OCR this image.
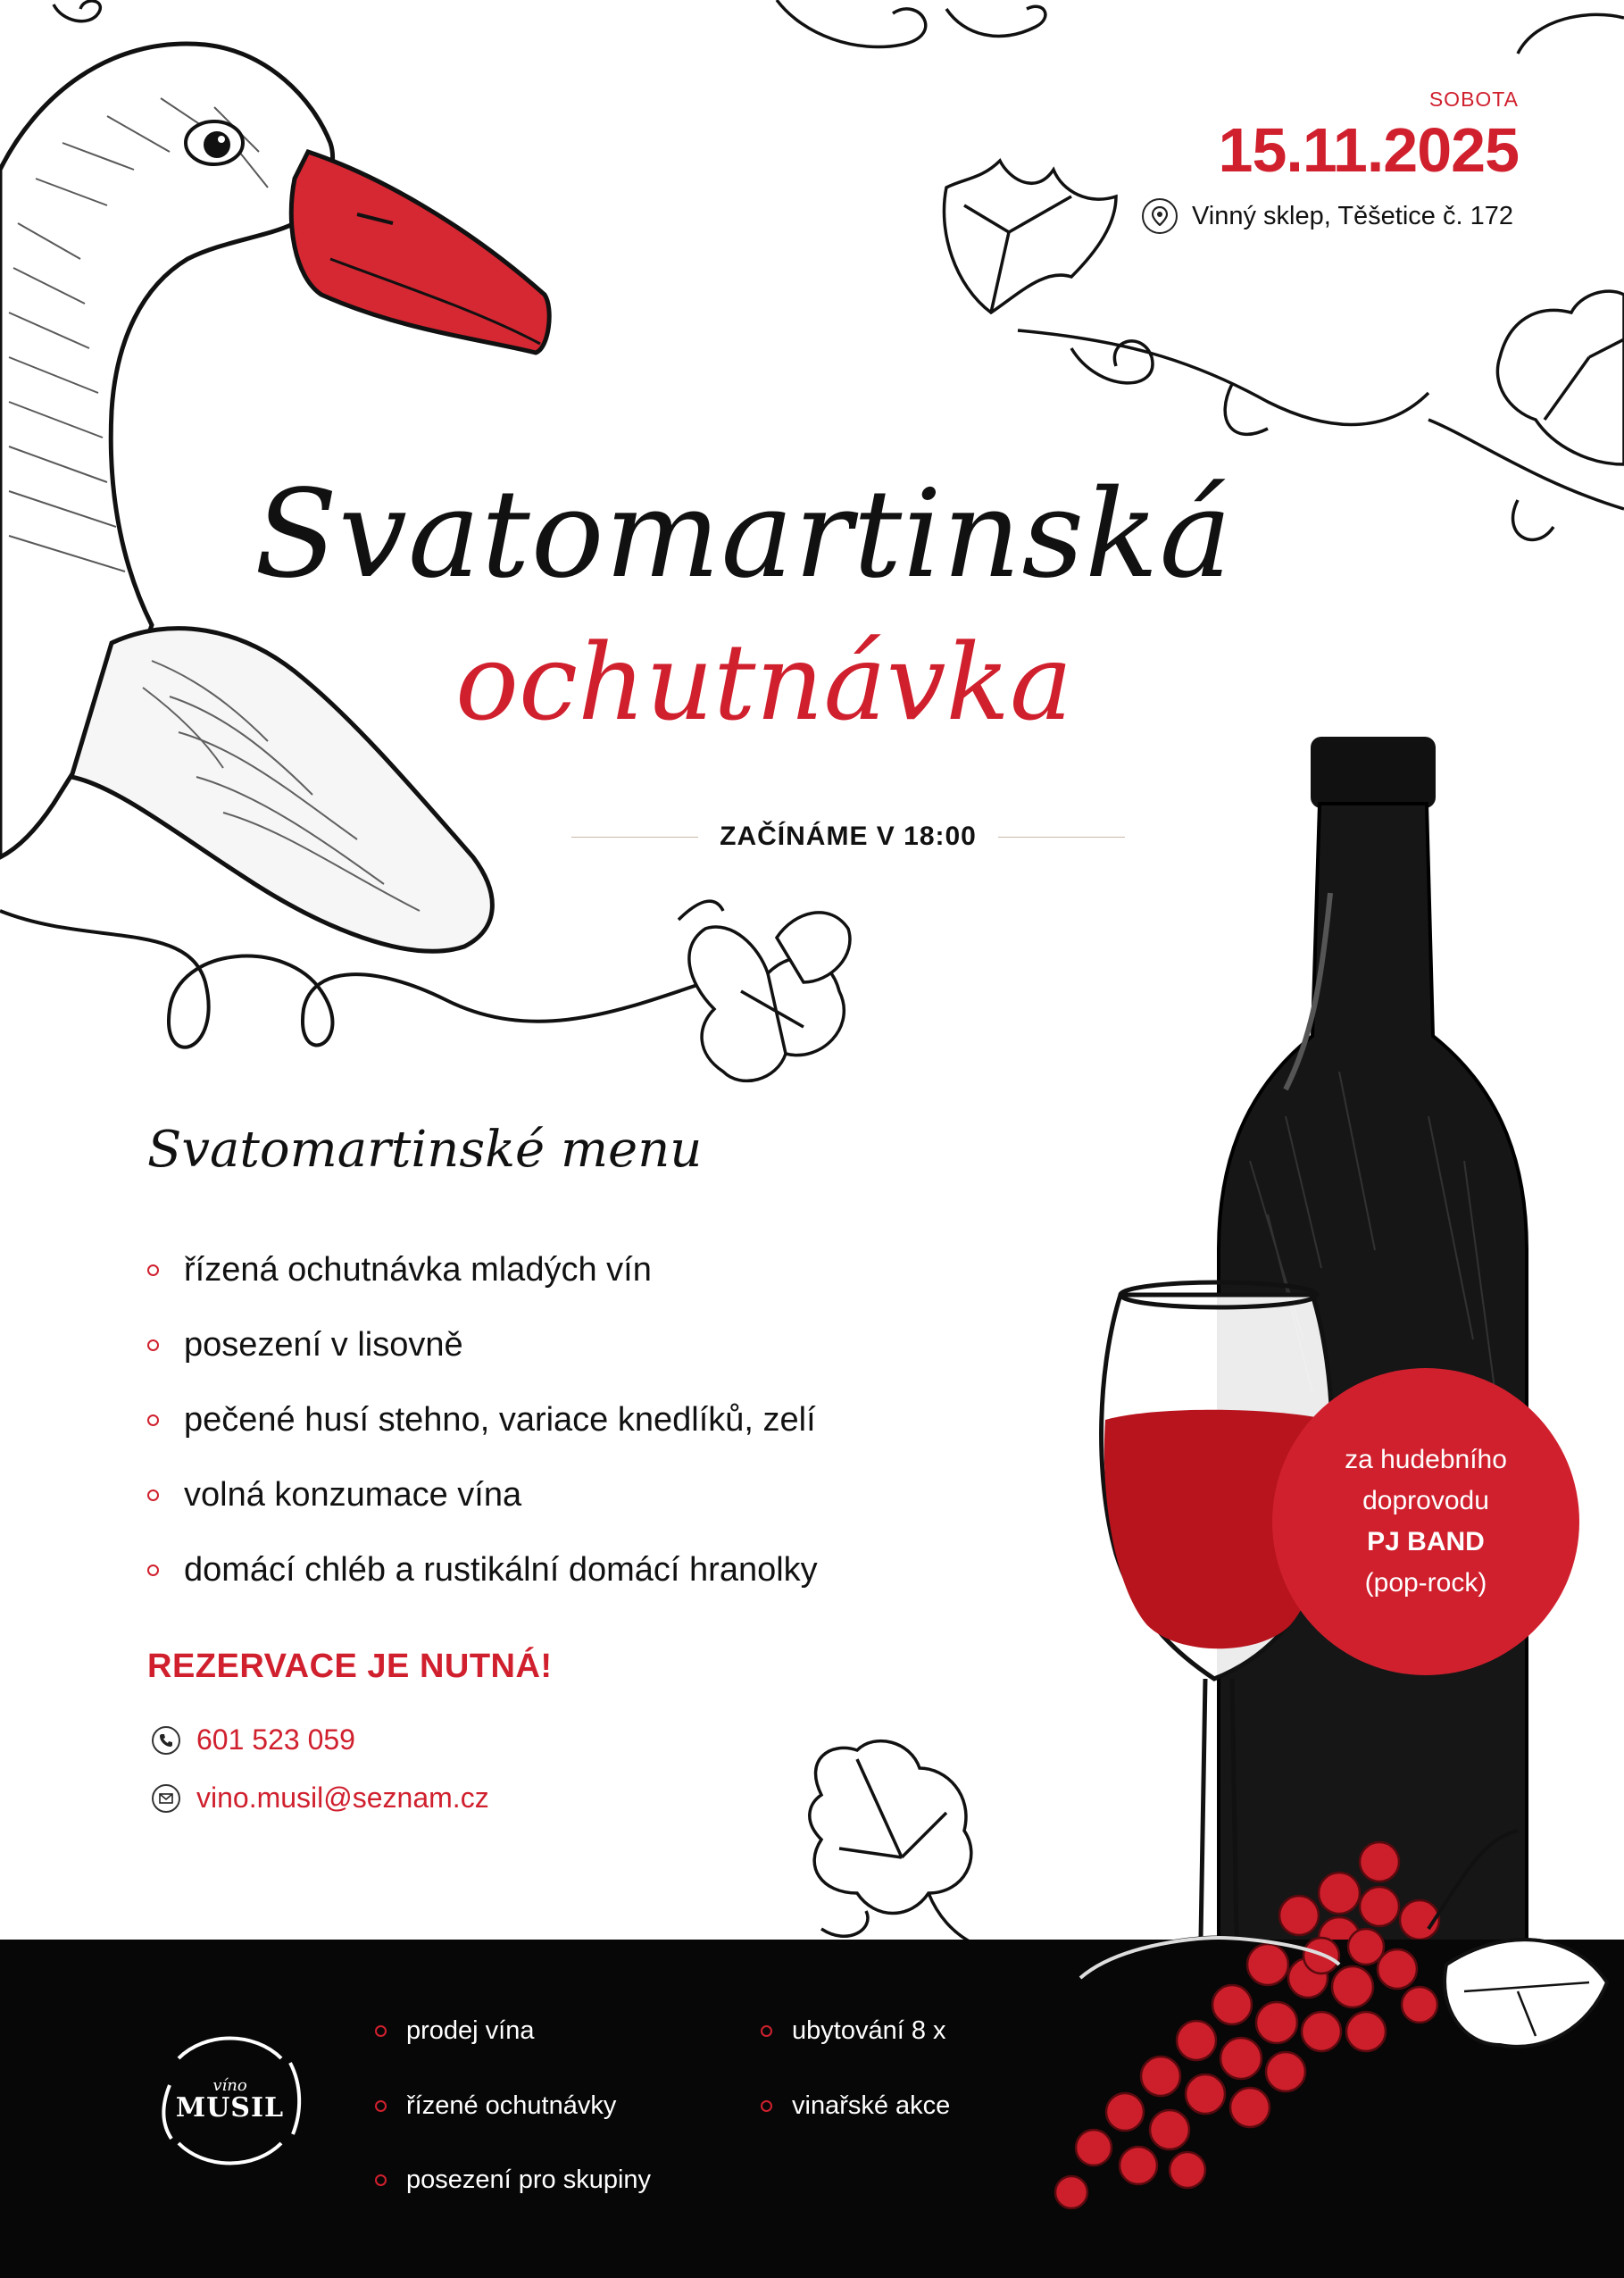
SOBOTA
15.11.2025
Vinný sklep, Těšetice č. 172
Svatomartinská
ochutnávka
ZAČÍNÁME V 18:00
Svatomartinské menu
řízená ochutnávka mladých vín
posezení v lisovně
pečené husí stehno, variace knedlíků, zelí
volná konzumace vína
domácí chléb a rustikální domácí hranolky
REZERVACE JE NUTNÁ!
601 523 059
vino.musil@seznam.cz
za hudebního
doprovodu
PJ BAND
(pop-rock)
víno
MUSIL
prodej vína
řízené ochutnávky
posezení pro skupiny
ubytování 8 x
vinařské akce
